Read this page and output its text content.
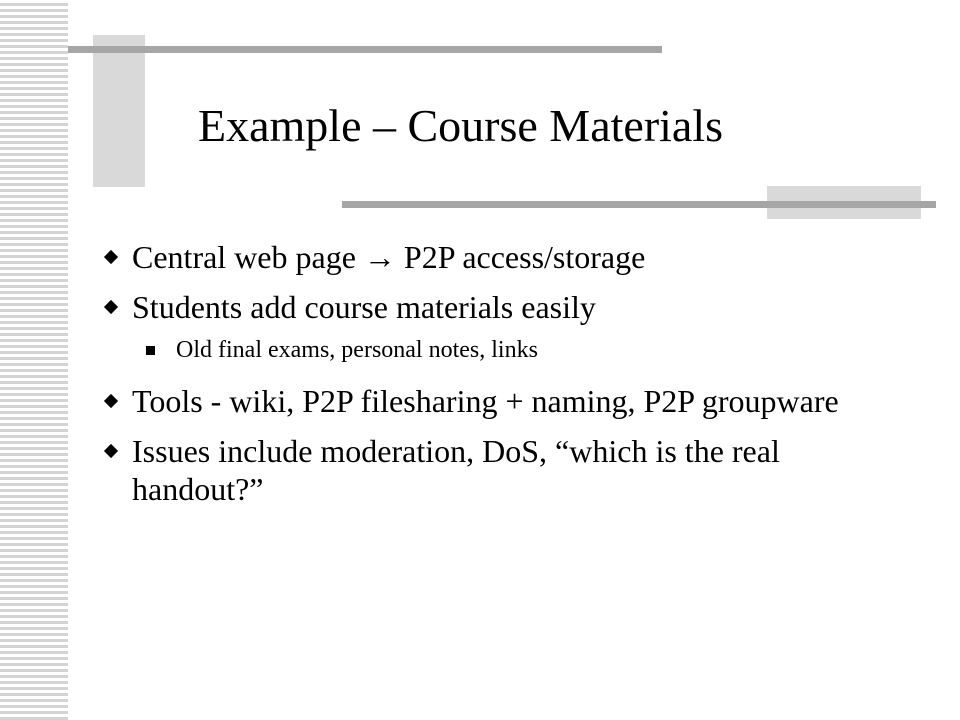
Example – Course Materials
Central web page → P2P access/storage
Students add course materials easily
Old final exams, personal notes, links
Tools - wiki, P2P filesharing + naming, P2P groupware
Issues include moderation, DoS, “which is the real handout?”
